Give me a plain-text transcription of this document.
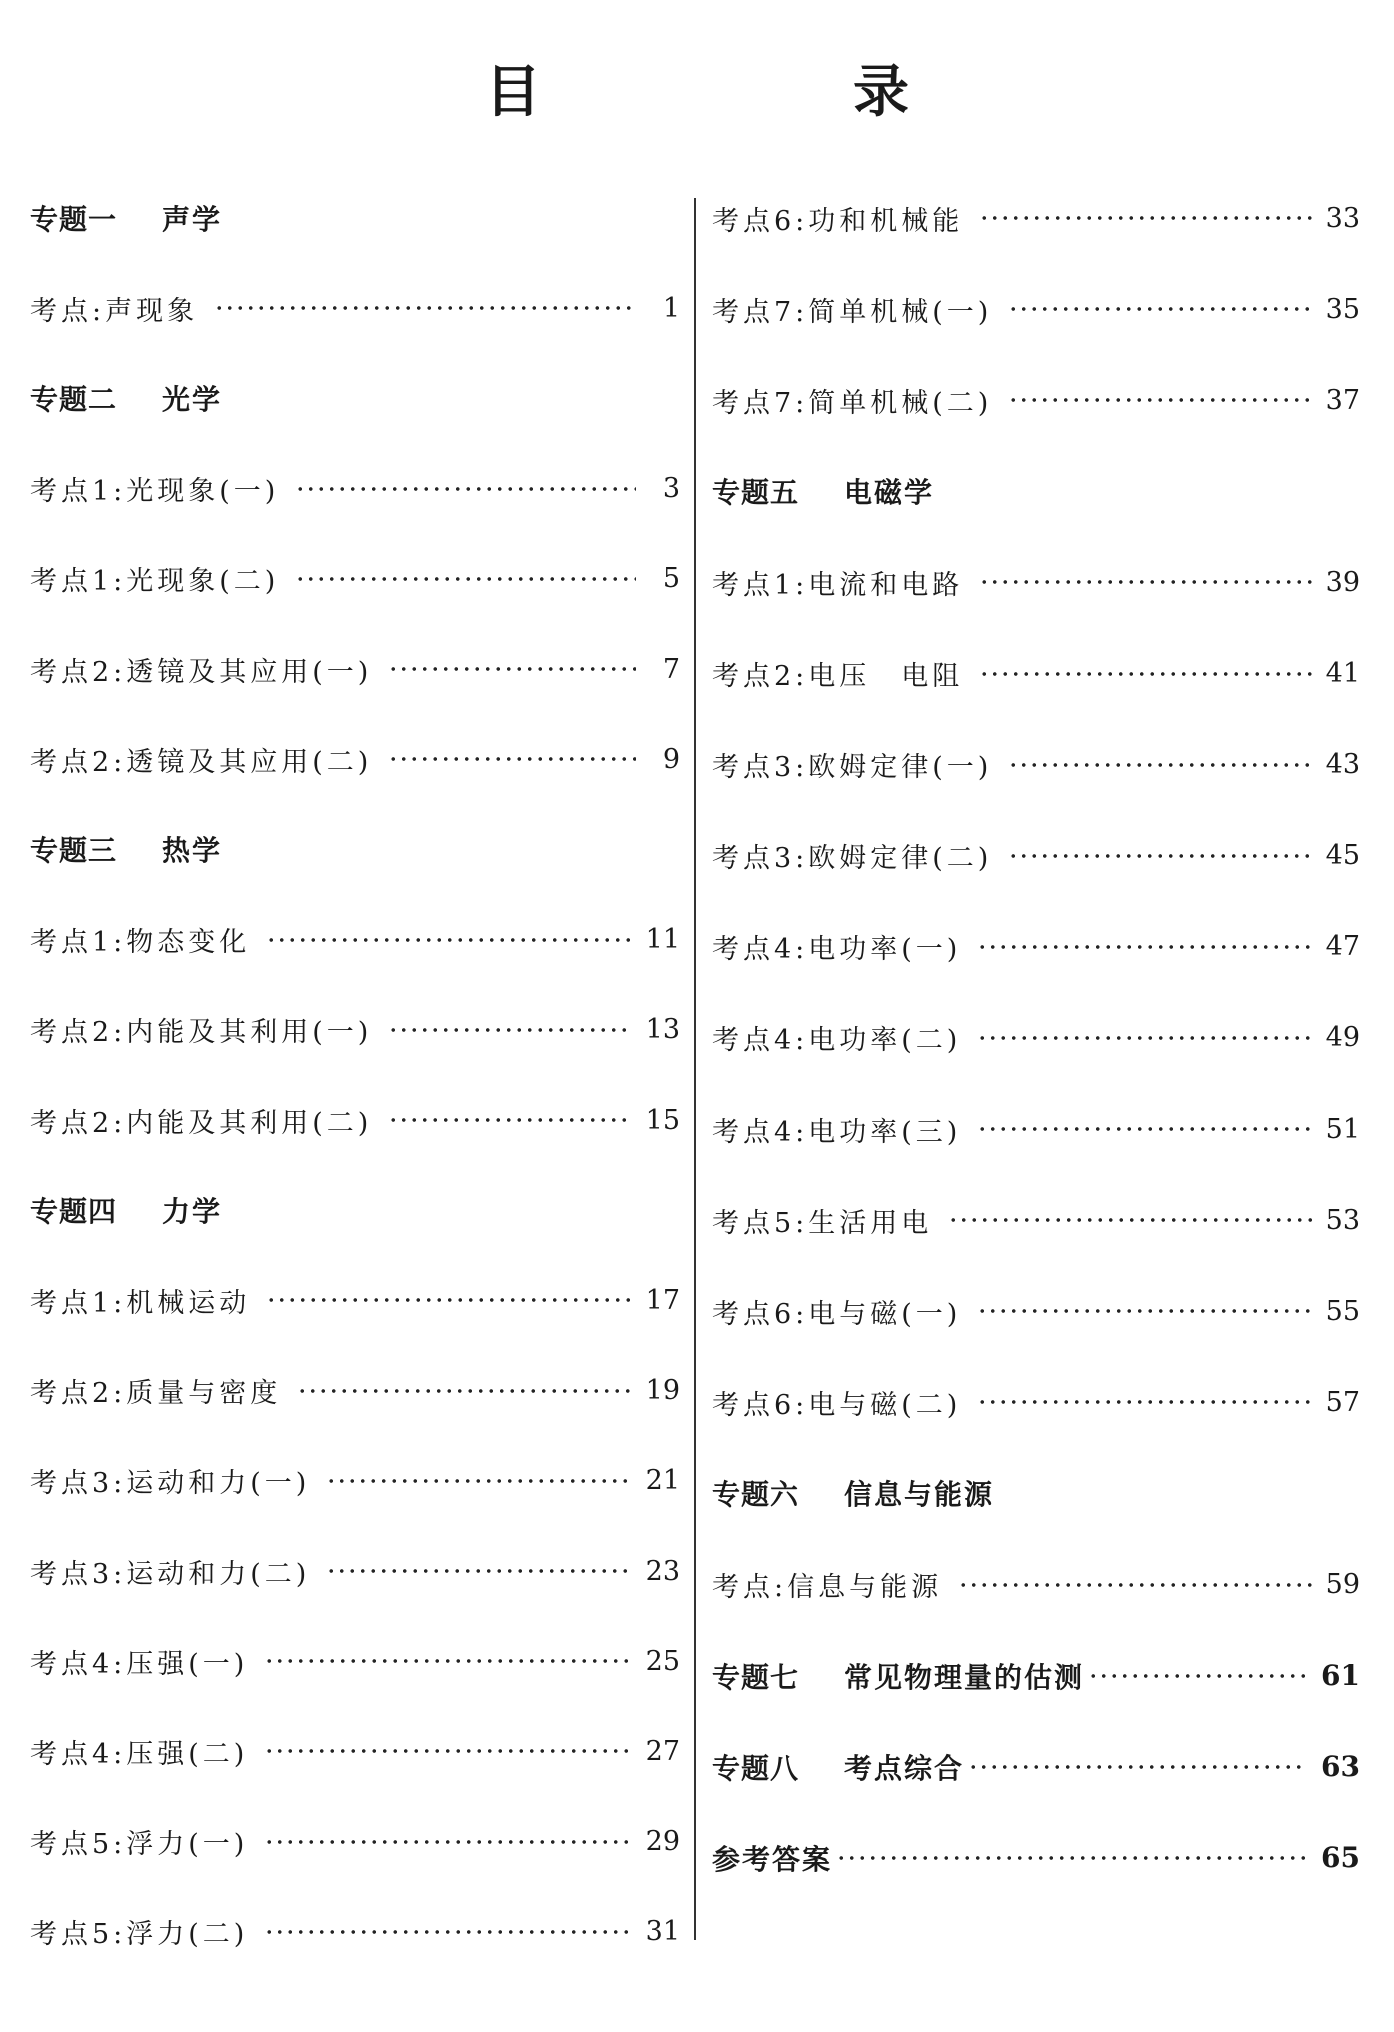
目　录
专题一	声学
考点:声现象	1
专题二	光学
考点1:光现象(一)	3
考点1:光现象(二)	5
考点2:透镜及其应用(一)	7
考点2:透镜及其应用(二)	9
专题三	热学
考点1:物态变化	11
考点2:内能及其利用(一)	13
考点2:内能及其利用(二)	15
专题四	力学
考点1:机械运动	17
考点2:质量与密度	19
考点3:运动和力(一)	21
考点3:运动和力(二)	23
考点4:压强(一)	25
考点4:压强(二)	27
考点5:浮力(一)	29
考点5:浮力(二)	31
考点6:功和机械能	33
考点7:简单机械(一)	35
考点7:简单机械(二)	37
专题五	电磁学
考点1:电流和电路	39
考点2:电压　电阻	41
考点3:欧姆定律(一)	43
考点3:欧姆定律(二)	45
考点4:电功率(一)	47
考点4:电功率(二)	49
考点4:电功率(三)	51
考点5:生活用电	53
考点6:电与磁(一)	55
考点6:电与磁(二)	57
专题六	信息与能源
考点:信息与能源	59
专题七	常见物理量的估测	61
专题八	考点综合	63
参考答案	65
